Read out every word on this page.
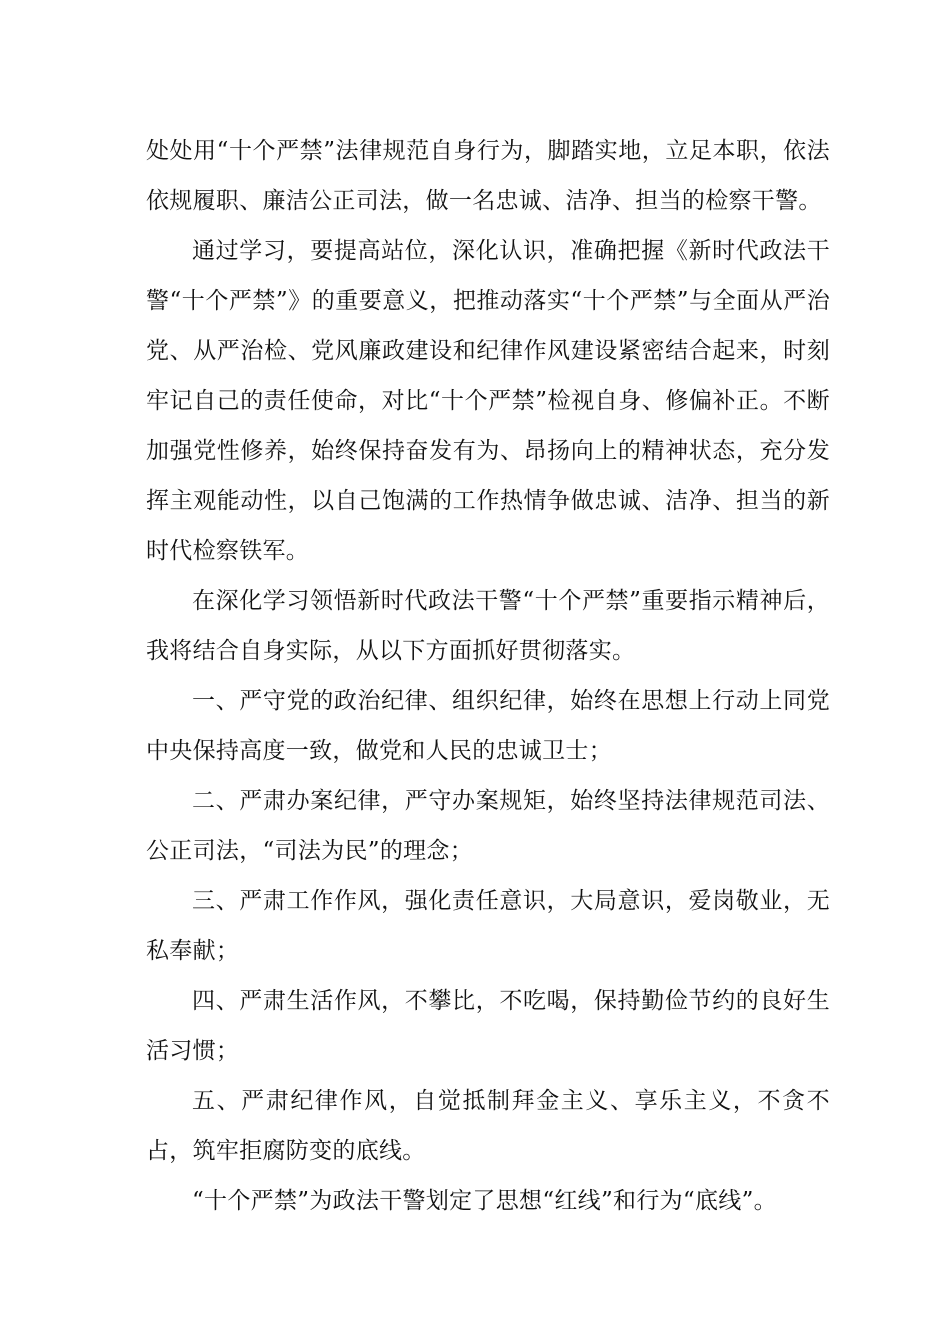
处处用“十个严禁”法律规范自身行为，脚踏实地，立足本职，依法依规履职、廉洁公正司法，做一名忠诚、洁净、担当的检察干警。

通过学习，要提高站位，深化认识，准确把握《新时代政法干警“十个严禁”》的重要意义，把推动落实“十个严禁”与全面从严治党、从严治检、党风廉政建设和纪律作风建设紧密结合起来，时刻牢记自己的责任使命，对比“十个严禁”检视自身、修偏补正。不断加强党性修养，始终保持奋发有为、昂扬向上的精神状态，充分发挥主观能动性，以自己饱满的工作热情争做忠诚、洁净、担当的新时代检察铁军。

在深化学习领悟新时代政法干警“十个严禁”重要指示精神后，我将结合自身实际，从以下方面抓好贯彻落实。

一、严守党的政治纪律、组织纪律，始终在思想上行动上同党中央保持高度一致，做党和人民的忠诚卫士；

二、严肃办案纪律，严守办案规矩，始终坚持法律规范司法、公正司法，“司法为民”的理念；

三、严肃工作作风，强化责任意识，大局意识，爱岗敬业，无私奉献；

四、严肃生活作风，不攀比，不吃喝，保持勤俭节约的良好生活习惯；

五、严肃纪律作风，自觉抵制拜金主义、享乐主义，不贪不占，筑牢拒腐防变的底线。

“十个严禁”为政法干警划定了思想“红线”和行为“底线”。
